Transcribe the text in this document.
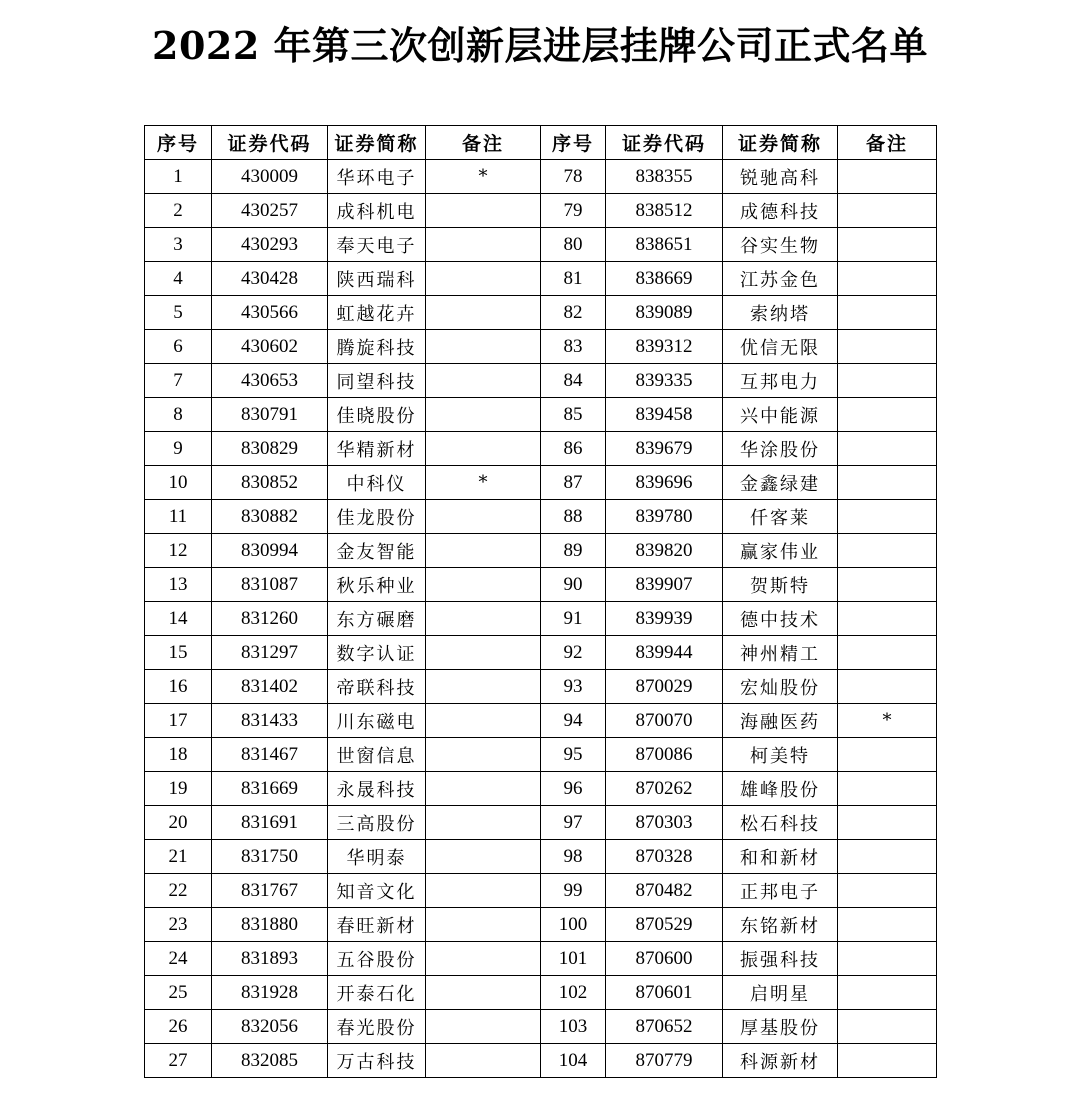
2022 年第三次创新层进层挂牌公司正式名单
序号	证券代码	证券简称	备注	序号	证券代码	证券简称	备注
1	430009	华环电子	*	78	838355	锐驰高科	
2	430257	成科机电		79	838512	成德科技	
3	430293	奉天电子		80	838651	谷实生物	
4	430428	陕西瑞科		81	838669	江苏金色	
5	430566	虹越花卉		82	839089	索纳塔	
6	430602	腾旋科技		83	839312	优信无限	
7	430653	同望科技		84	839335	互邦电力	
8	830791	佳晓股份		85	839458	兴中能源	
9	830829	华精新材		86	839679	华涂股份	
10	830852	中科仪	*	87	839696	金鑫绿建	
11	830882	佳龙股份		88	839780	仟客莱	
12	830994	金友智能		89	839820	赢家伟业	
13	831087	秋乐种业		90	839907	贺斯特	
14	831260	东方碾磨		91	839939	德中技术	
15	831297	数字认证		92	839944	神州精工	
16	831402	帝联科技		93	870029	宏灿股份	
17	831433	川东磁电		94	870070	海融医药	*
18	831467	世窗信息		95	870086	柯美特	
19	831669	永晟科技		96	870262	雄峰股份	
20	831691	三高股份		97	870303	松石科技	
21	831750	华明泰		98	870328	和和新材	
22	831767	知音文化		99	870482	正邦电子	
23	831880	春旺新材		100	870529	东铭新材	
24	831893	五谷股份		101	870600	振强科技	
25	831928	开泰石化		102	870601	启明星	
26	832056	春光股份		103	870652	厚基股份	
27	832085	万古科技		104	870779	科源新材	
